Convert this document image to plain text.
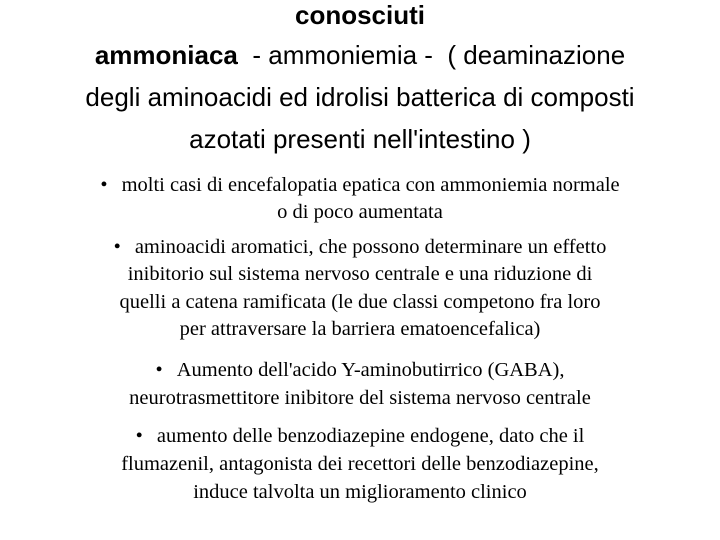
conosciuti

ammoniaca  - ammoniemia -  ( deaminazione

degli aminoacidi ed idrolisi batterica di composti

azotati presenti nell'intestino )

• molti casi di encefalopatia epatica con ammoniemia normale

o di poco aumentata

• aminoacidi aromatici, che possono determinare un effetto

inibitorio sul sistema nervoso centrale e una riduzione di

quelli a catena ramificata (le due classi competono fra loro

per attraversare la barriera ematoencefalica)

• Aumento dell'acido Y-aminobutirrico (GABA),

neurotrasmettitore inibitore del sistema nervoso centrale

• aumento delle benzodiazepine endogene, dato che il

flumazenil, antagonista dei recettori delle benzodiazepine,

induce talvolta un miglioramento clinico
